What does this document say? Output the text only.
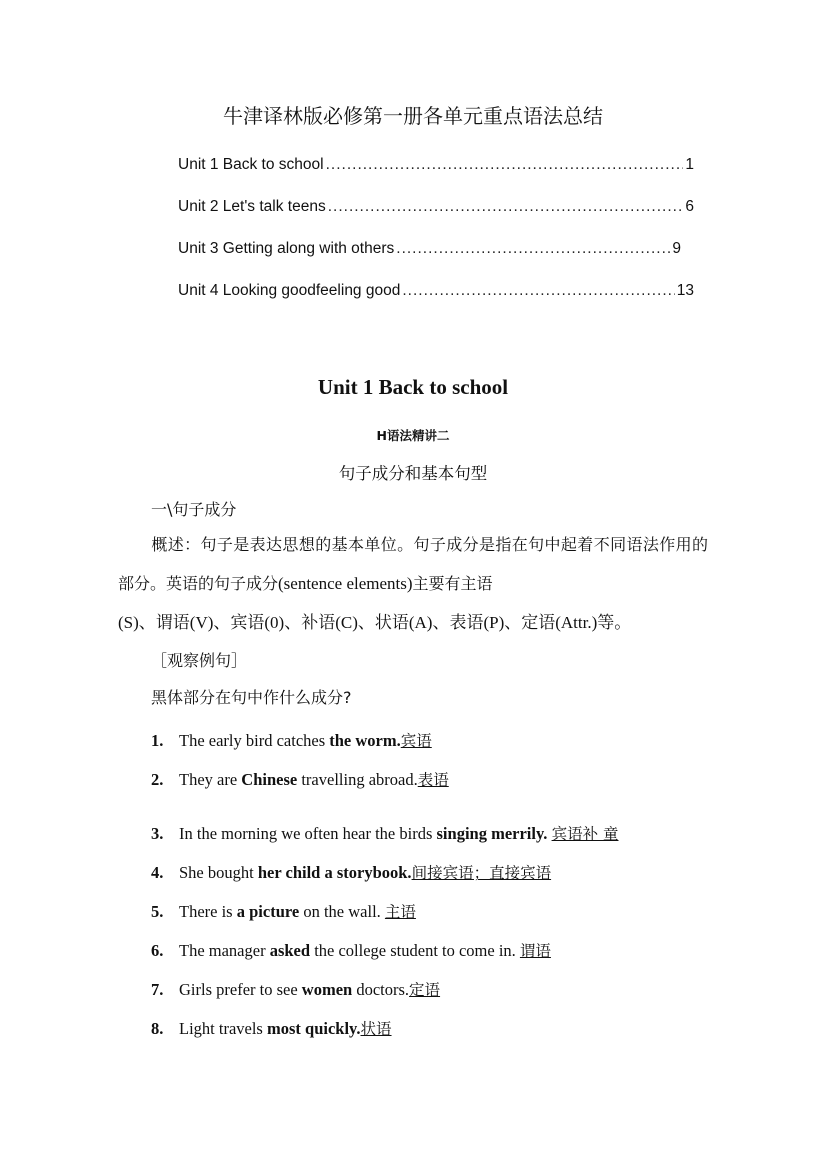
牛津译林版必修第一册各单元重点语法总结
Unit 1 Back to school .....	1
Unit 2 Let's talk teens .....	6
Unit 3 Getting along with others .....	9
Unit 4 Looking goodfeeling good .....	13
Unit 1 Back to school
H语法精讲二
句子成分和基本句型
一\句子成分
概述：句子是表达思想的基本单位。句子成分是指在句中起着不同语法作用的部分。英语的句子成分(sentence elements)主要有主语
(S)、谓语(V)、宾语(0)、补语(C)、状语(A)、表语(P)、定语(Attr.)等。
［观察例句］
黑体部分在句中作什么成分?
1. The early bird catches the worm.宾语
2. They are Chinese travelling abroad.表语
3. In the morning we often hear the birds singing merrily. 宾语补 童
4. She bought her child a storybook.间接宾语；直接宾语
5. There is a picture on the wall. 主语
6. The manager asked the college student to come in. 谓语
7. Girls prefer to see women doctors.定语
8. Light travels most quickly.状语
